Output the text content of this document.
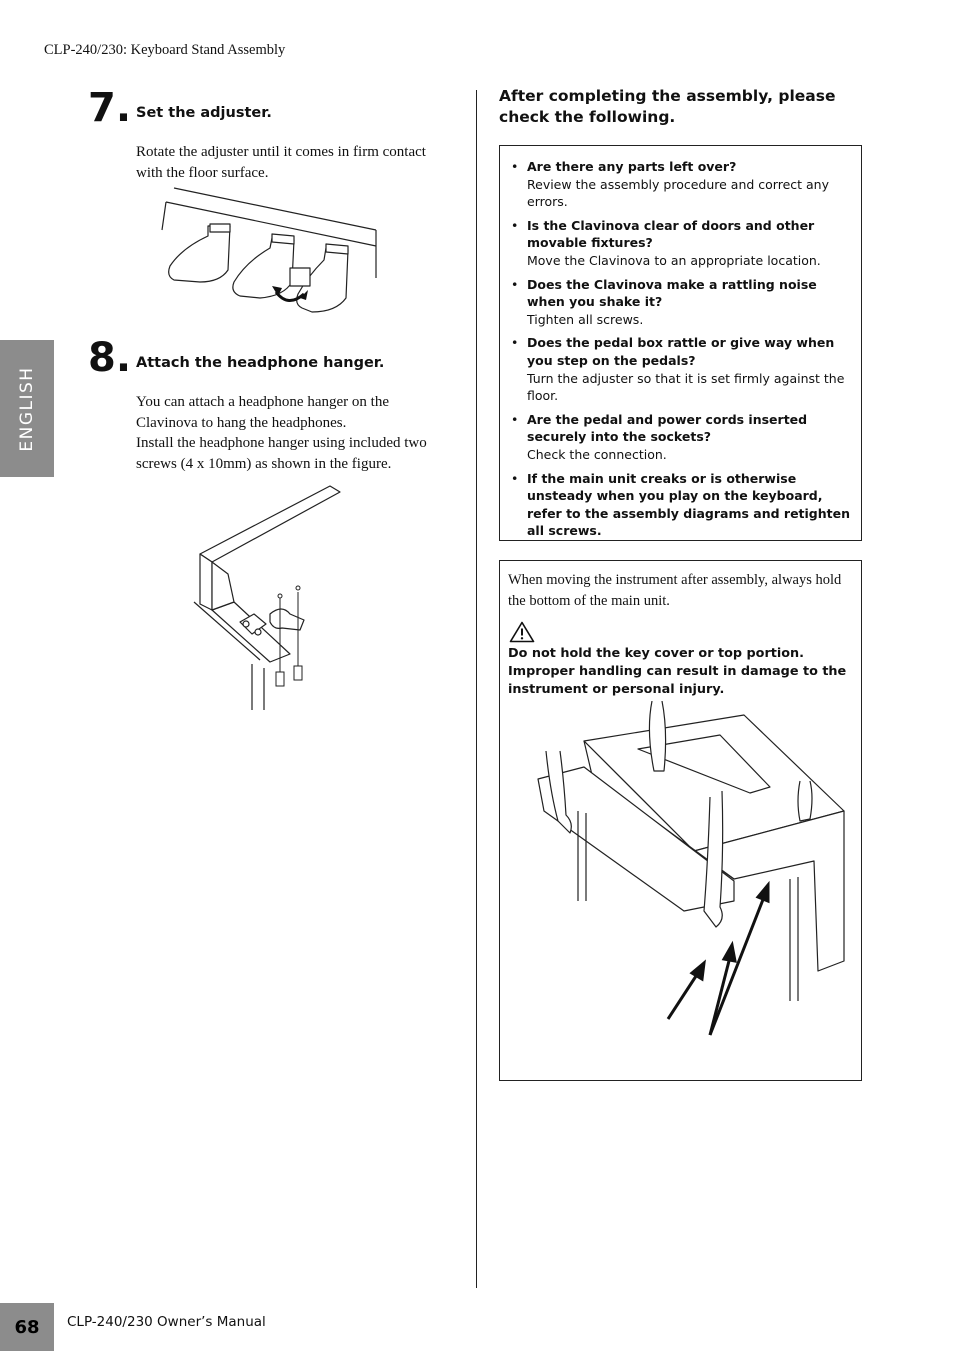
CLP-240/230: Keyboard Stand Assembly
ENGLISH
7. Set the adjuster.
Rotate the adjuster until it comes in firm contact with the floor surface.
8. Attach the headphone hanger.
You can attach a headphone hanger on the Clavinova to hang the headphones.
Install the headphone hanger using included two screws (4 x 10mm) as shown in the figure.
After completing the assembly, please check the following.
• Are there any parts left over?
Review the assembly procedure and correct any errors.
• Is the Clavinova clear of doors and other movable fixtures?
Move the Clavinova to an appropriate location.
• Does the Clavinova make a rattling noise when you shake it?
Tighten all screws.
• Does the pedal box rattle or give way when you step on the pedals?
Turn the adjuster so that it is set firmly against the floor.
• Are the pedal and power cords inserted securely into the sockets?
Check the connection.
• If the main unit creaks or is otherwise unsteady when you play on the keyboard, refer to the assembly diagrams and retighten all screws.
When moving the instrument after assembly, always hold the bottom of the main unit.
Do not hold the key cover or top portion. Improper handling can result in damage to the instrument or personal injury.
68 CLP-240/230 Owner’s Manual
